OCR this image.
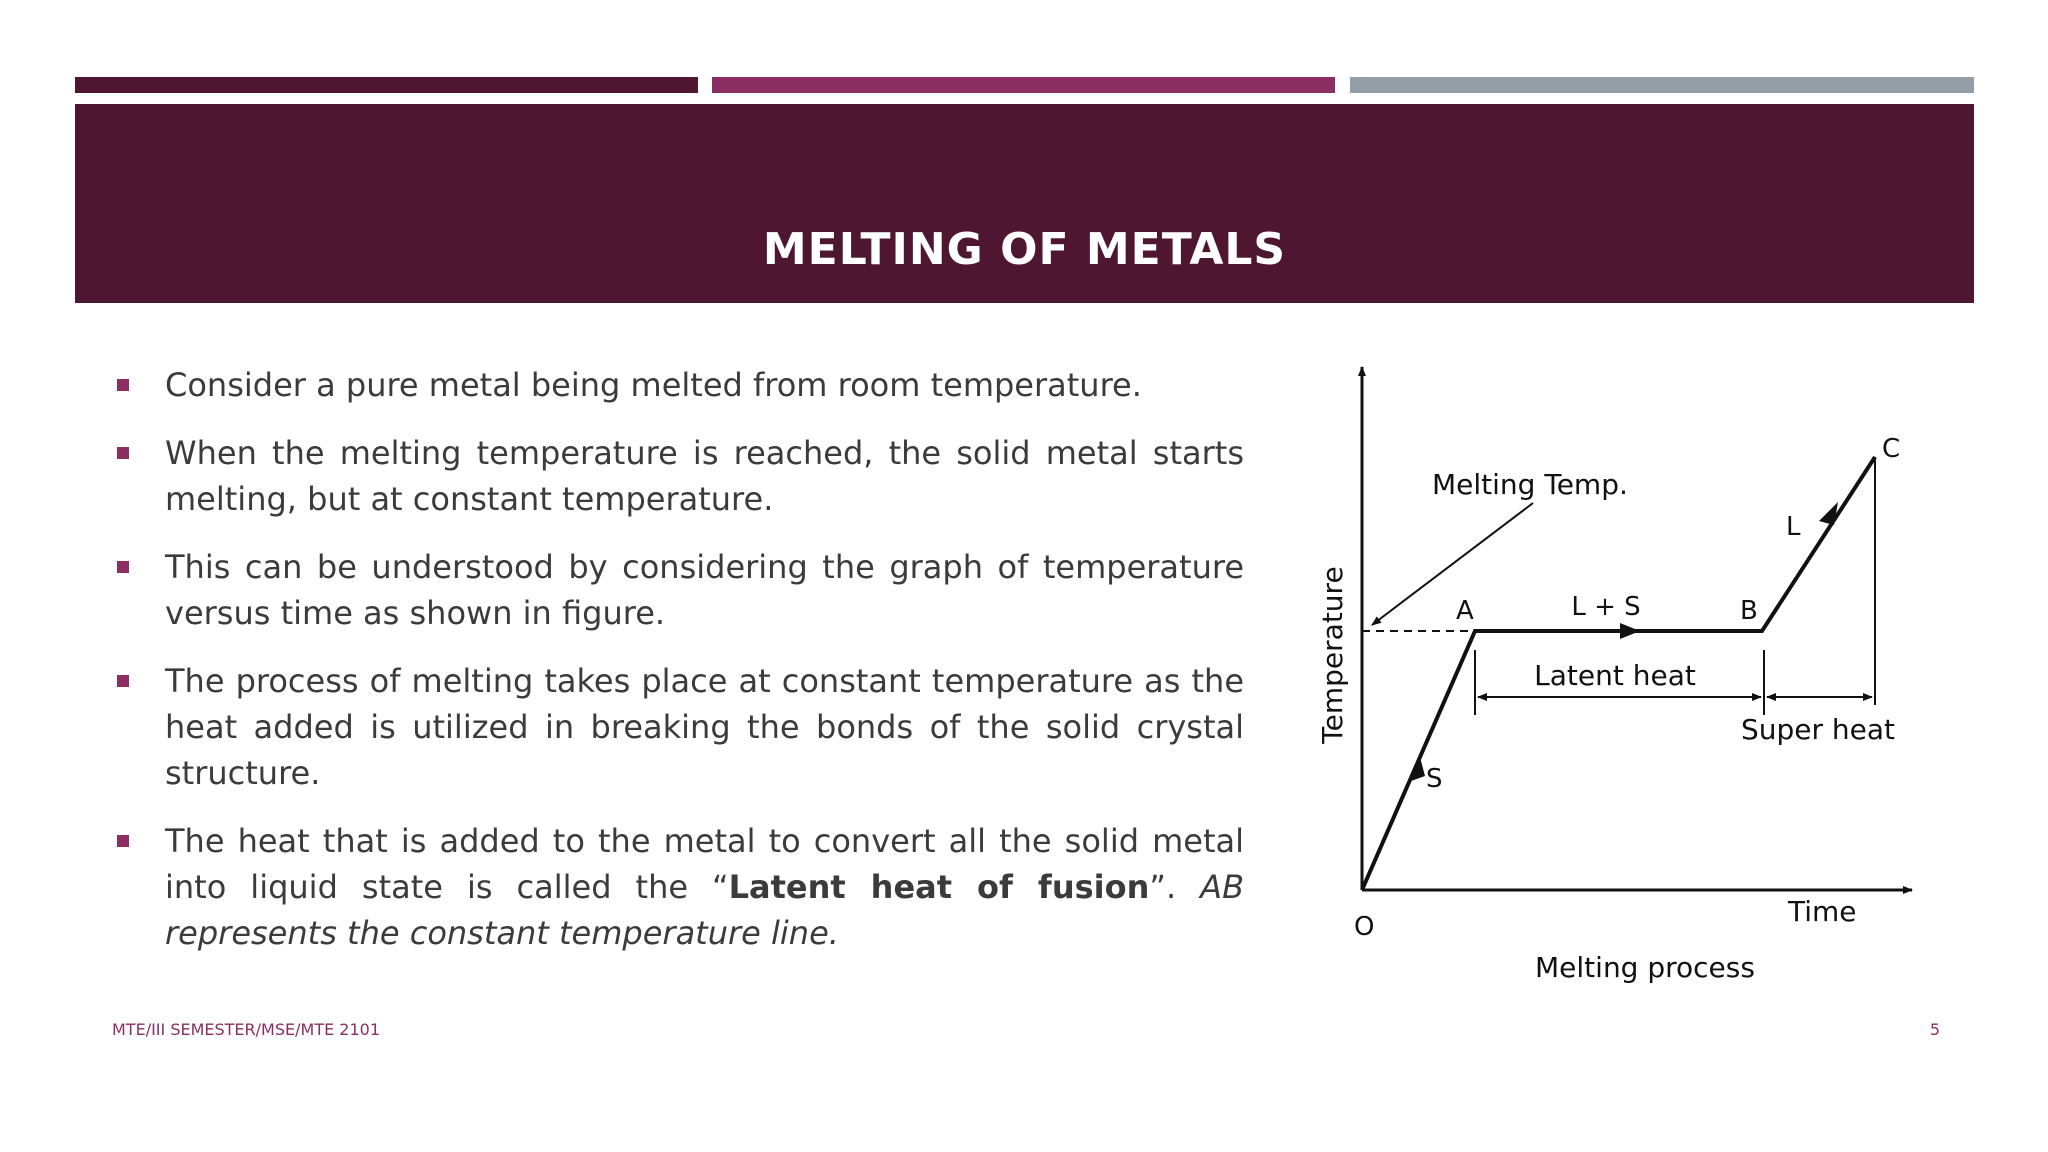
MELTING OF METALS
Consider a pure metal being melted from room temperature.
When the melting temperature is reached, the solid metal starts melting, but at constant temperature.
This can be understood by considering the graph of temperature versus time as shown in figure.
The process of melting takes place at constant temperature as the heat added is utilized in breaking the bonds of the solid crystal structure.
The heat that is added to the metal to convert all the solid metal into liquid state is called the “Latent heat of fusion”. AB represents the constant temperature line.
Temperature
Time
Melting process
Melting Temp.
O
A	B
C
S
L + S
L
Latent heat
Super heat
MTE/III SEMESTER/MSE/MTE 2101	5
